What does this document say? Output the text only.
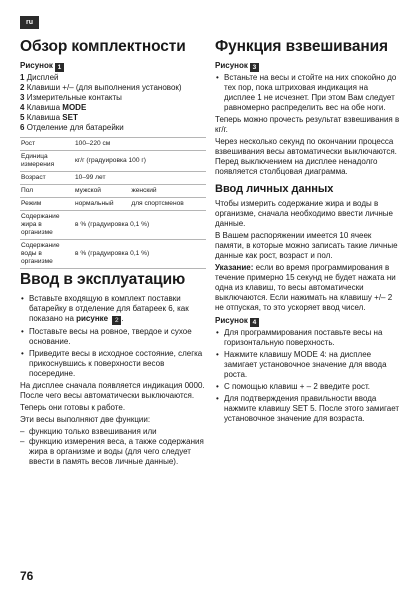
ru
Обзор комплектности
Рисунок 1
1 Дисплей
2 Клавиши +/– (для выполнения установок)
3 Измерительные контакты
4 Клавиша MODE
5 Клавиша SET
6 Отделение для батарейки
Рост	100–220 см	
Единица измерения	кг/г (градуировка 100 г)	
Возраст	10–99 лет	
Пол	мужской	женский
Режим	нормальный	для спортсменов
Содержание жира в организме	в % (градуировка 0,1 %)	
Содержание воды в организме	в % (градуировка 0,1 %)	
Ввод в эксплуатацию
• Вставьте входящую в комплект поставки батарейку в отделение для батареек 6, как показано на рисунке 2 .
• Поставьте весы на ровное, твердое и сухое основание.
• Приведите весы в исходное состояние, слегка прикоснувшись к поверхности весов посередине.

На дисплее сначала появляется индикация 0000. После чего весы автоматически выключаются.

Теперь они готовы к работе.

Эти весы выполняют две функции:

– функцию только взвешивания или
– функцию измерения веса, а также содержания жира в организме и воды (для чего следует ввести в память весов личные данные).
Функция взвешивания
Рисунок 3
• Встаньте на весы и стойте на них спокойно до тех пор, пока штриховая индикация на дисплее 1 не исчезнет. При этом Вам следует равномерно распределить вес на обе ноги.

Теперь можно прочесть результат взвешивания в кг/г.

Через несколько секунд по окончании процесса взвешивания весы автоматически выключаются. Перед выключением на дисплее ненадолго появляется столбцовая диаграмма.

Ввод личных данных

Чтобы измерить содержание жира и воды в организме, сначала необходимо ввести личные данные.

В Вашем распоряжении имеется 10 ячеек памяти, в которые можно записать такие личные данные как рост, возраст и пол.

Указание: если во время программирования в течение примерно 15 секунд не будет нажата ни одна из клавиш, то весы автоматически выключаются. Если нажимать на клавишу +/– 2 не отпуская, то это ускоряет ввод чисел.

Рисунок 4
• Для программирования поставьте весы на горизонтальную поверхность.
• Нажмите клавишу MODE 4: на дисплее замигает установочное значение для ввода роста.
• С помощью клавиш + – 2 введите рост.
• Для подтверждения правильности ввода нажмите клавишу SET 5. После этого замигает установочное значение для возраста.
76
